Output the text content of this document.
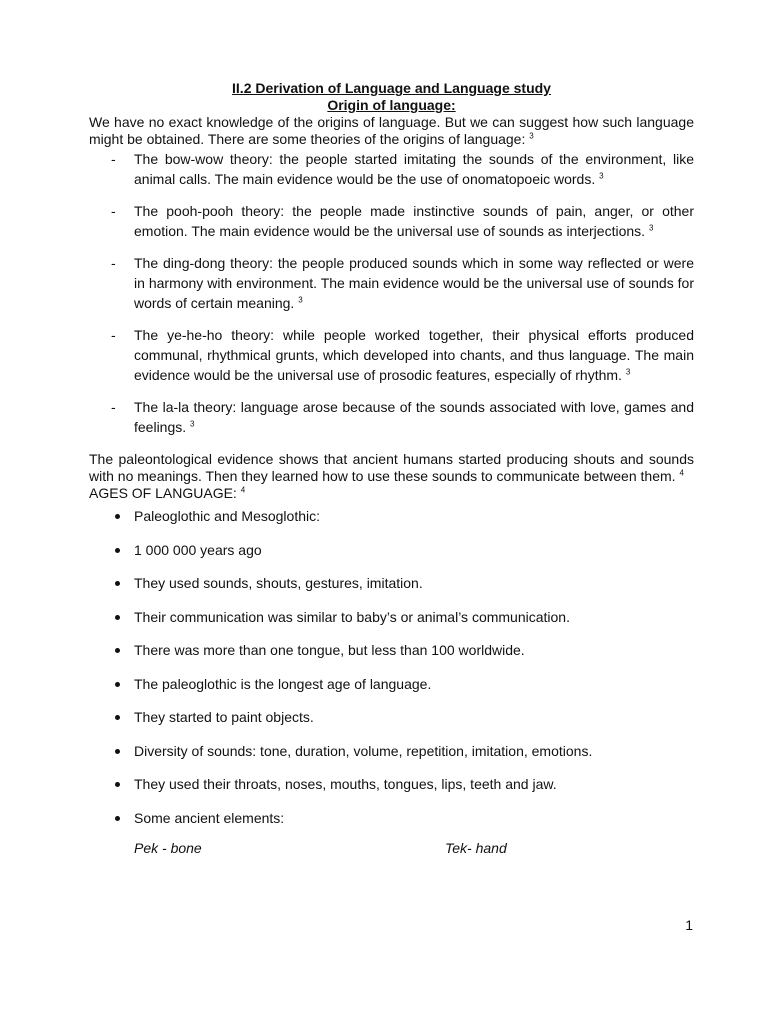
II.2 Derivation of Language and Language study
Origin of language:

We have no exact knowledge of the origins of language. But we can suggest how such language might be obtained. There are some theories of the origins of language: $^3$

- The bow-wow theory: the people started imitating the sounds of the environment, like animal calls. The main evidence would be the use of onomatopoeic words. $^3$
- The pooh-pooh theory: the people made instinctive sounds of pain, anger, or other emotion. The main evidence would be the universal use of sounds as interjections. $^3$
- The ding-dong theory: the people produced sounds which in some way reflected or were in harmony with environment. The main evidence would be the universal use of sounds for words of certain meaning. $^3$
- The ye-he-ho theory: while people worked together, their physical efforts produced communal, rhythmical grunts, which developed into chants, and thus language. The main evidence would be the universal use of prosodic features, especially of rhythm. $^3$
- The la-la theory: language arose because of the sounds associated with love, games and feelings. $^3$

The paleontological evidence shows that ancient humans started producing shouts and sounds with no meanings. Then they learned how to use these sounds to communicate between them. $^4$

AGES OF LANGUAGE: $^4$

Paleoglothic and Mesoglothic:
1 000 000 years ago
They used sounds, shouts, gestures, imitation.
Their communication was similar to baby’s or animal’s communication.
There was more than one tongue, but less than 100 worldwide.
The paleoglothic is the longest age of language.
They started to paint objects.
Diversity of sounds: tone, duration, volume, repetition, imitation, emotions.
They used their throats, noses, mouths, tongues, lips, teeth and jaw.
Some ancient elements:
Pek - bone	Tek- hand
1
